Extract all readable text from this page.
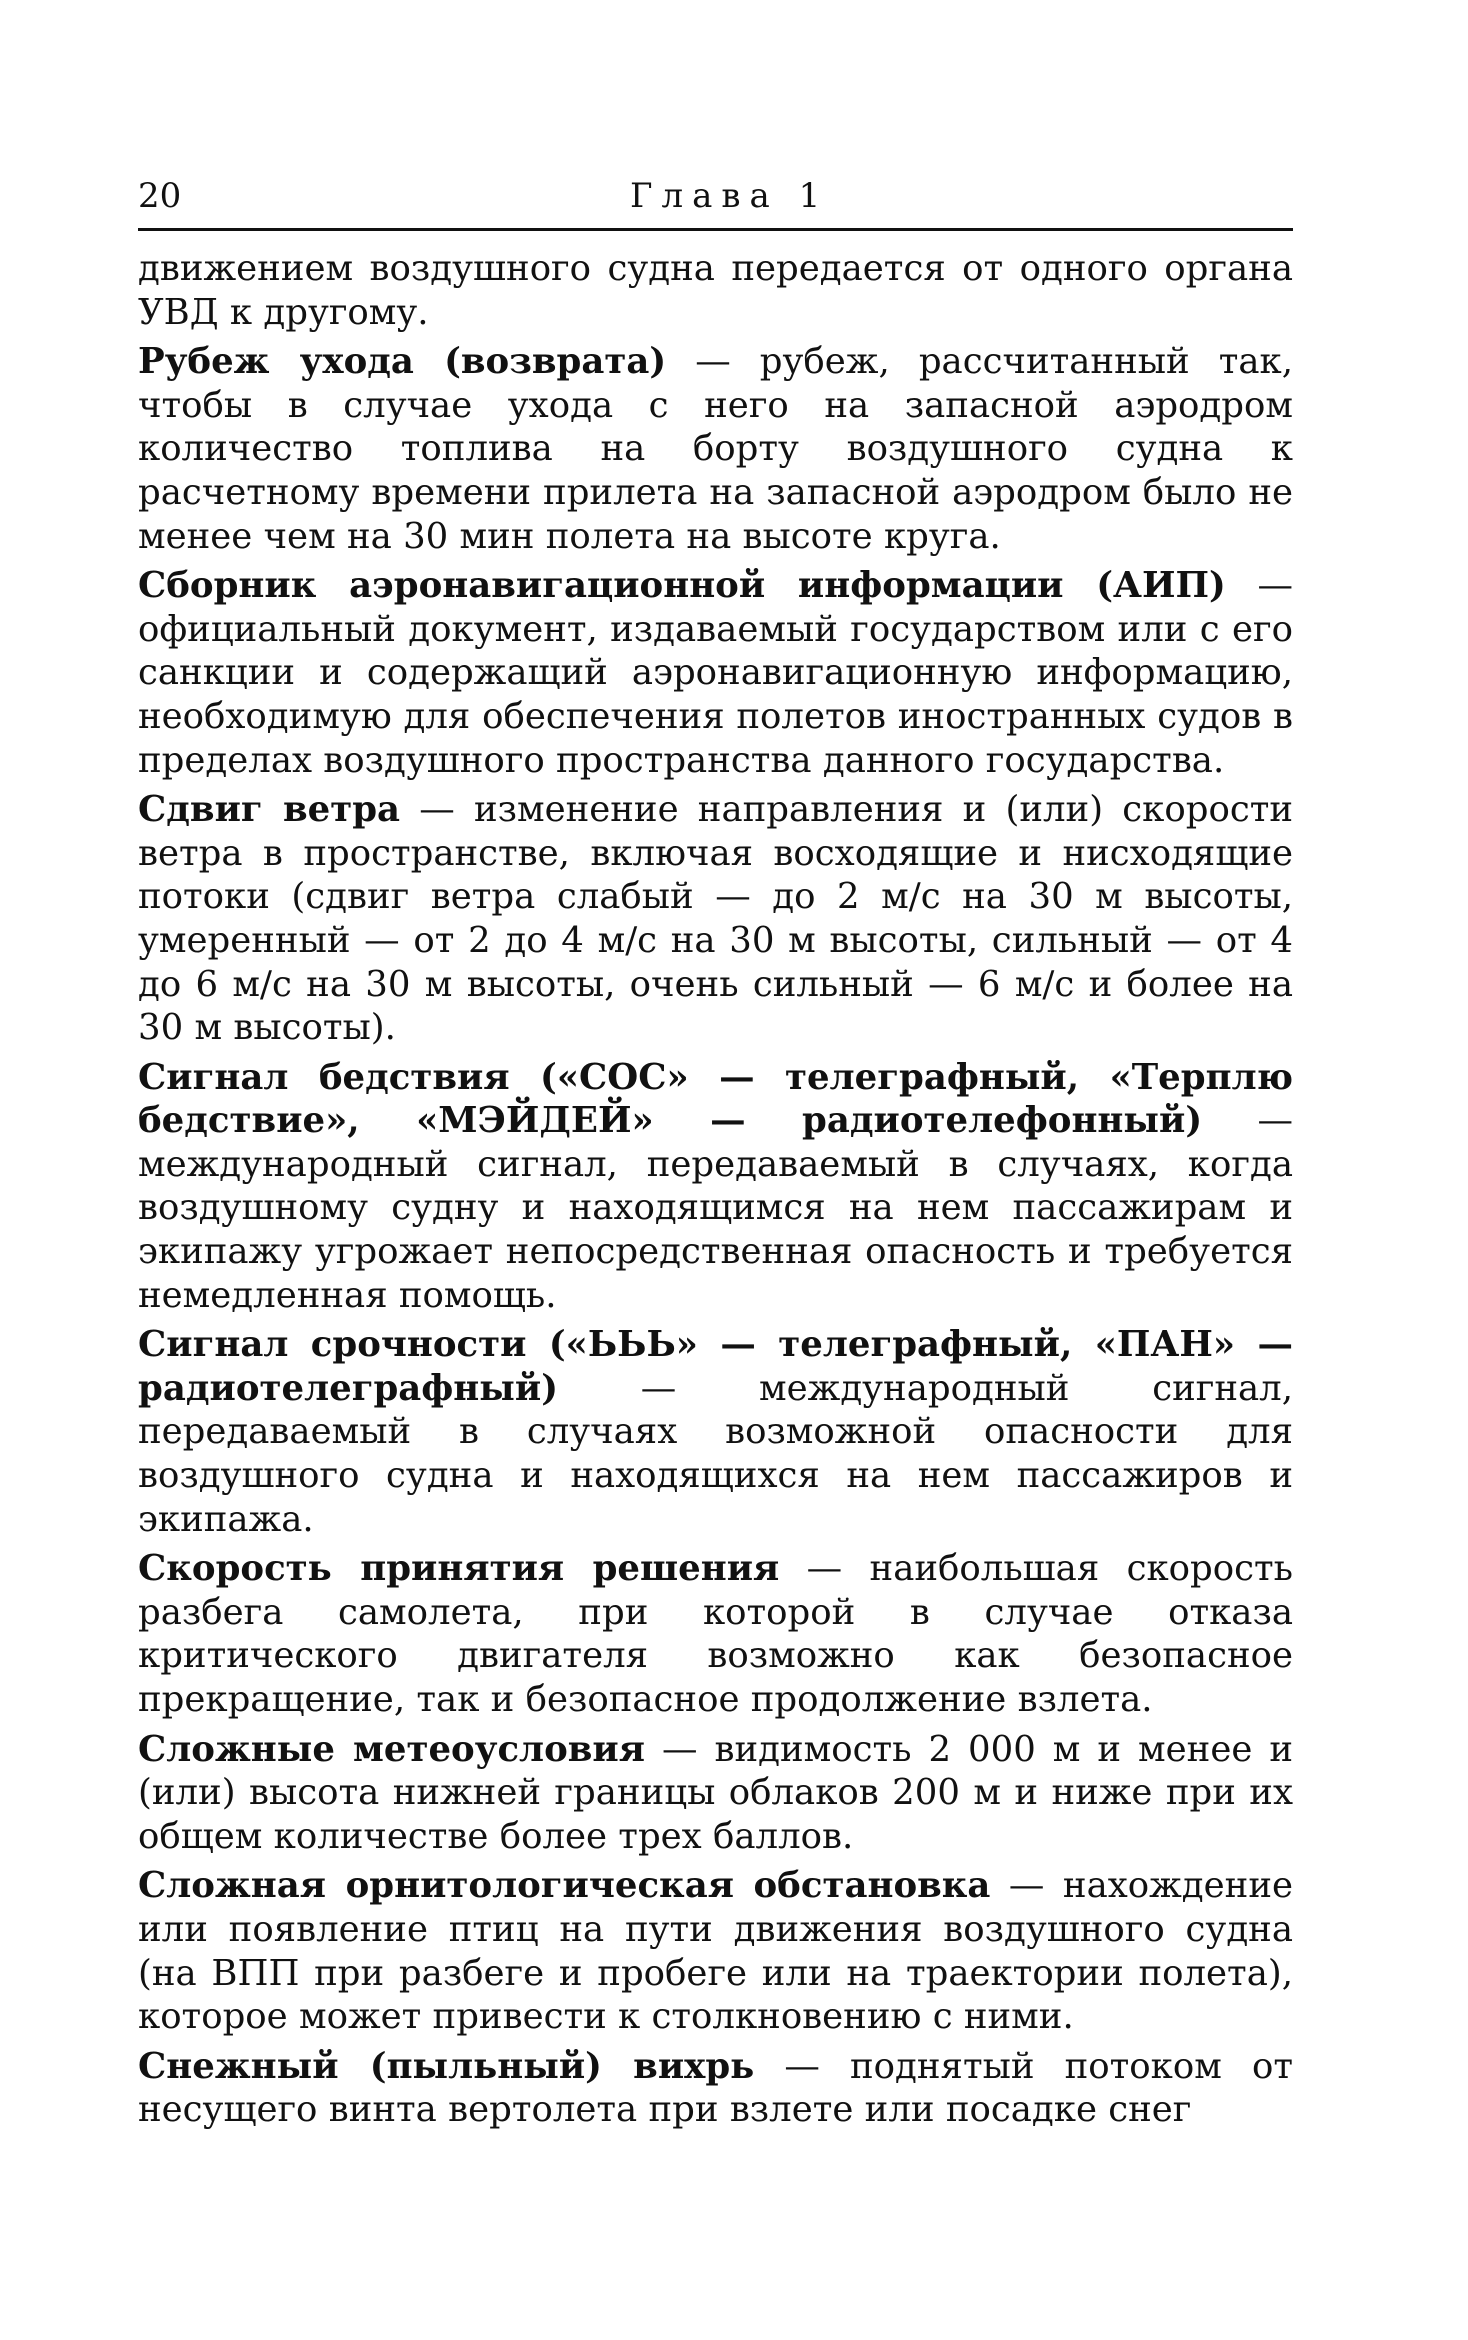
20	Глава 1

движением воздушного судна передается от одного органа УВД к другому.

Рубеж ухода (возврата) — рубеж, рассчитанный так, чтобы в случае ухода с него на запасной аэродром количество топлива на борту воздушного судна к расчетному времени прилета на запасной аэродром было не менее чем на 30 мин полета на высоте круга.

Сборник аэронавигационной информации (АИП) — официальный документ, издаваемый государством или с его санкции и содержащий аэронавигационную информацию, необходимую для обеспечения полетов иностранных судов в пределах воздушного пространства данного государства.

Сдвиг ветра — изменение направления и (или) скорости ветра в пространстве, включая восходящие и нисходящие потоки (сдвиг ветра слабый — до 2 м/с на 30 м высоты, умеренный — от 2 до 4 м/с на 30 м высоты, сильный — от 4 до 6 м/с на 30 м высоты, очень сильный — 6 м/с и более на 30 м высоты).

Сигнал бедствия («СОС» — телеграфный, «Терплю бедствие», «МЭЙДЕЙ» — радиотелефонный) — международный сигнал, передаваемый в случаях, когда воздушному судну и находящимся на нем пассажирам и экипажу угрожает непосредственная опасность и требуется немедленная помощь.

Сигнал срочности («ЬЬЬ» — телеграфный, «ПАН» — радиотелеграфный) — международный сигнал, передаваемый в случаях возможной опасности для воздушного судна и находящихся на нем пассажиров и экипажа.

Скорость принятия решения — наибольшая скорость разбега самолета, при которой в случае отказа критического двигателя возможно как безопасное прекращение, так и безопасное продолжение взлета.

Сложные метеоусловия — видимость 2 000 м и менее и (или) высота нижней границы облаков 200 м и ниже при их общем количестве более трех баллов.

Сложная орнитологическая обстановка — нахождение или появление птиц на пути движения воздушного судна (на ВПП при разбеге и пробеге или на траектории полета), которое может привести к столкновению с ними.

Снежный (пыльный) вихрь — поднятый потоком от несущего винта вертолета при взлете или посадке снег
